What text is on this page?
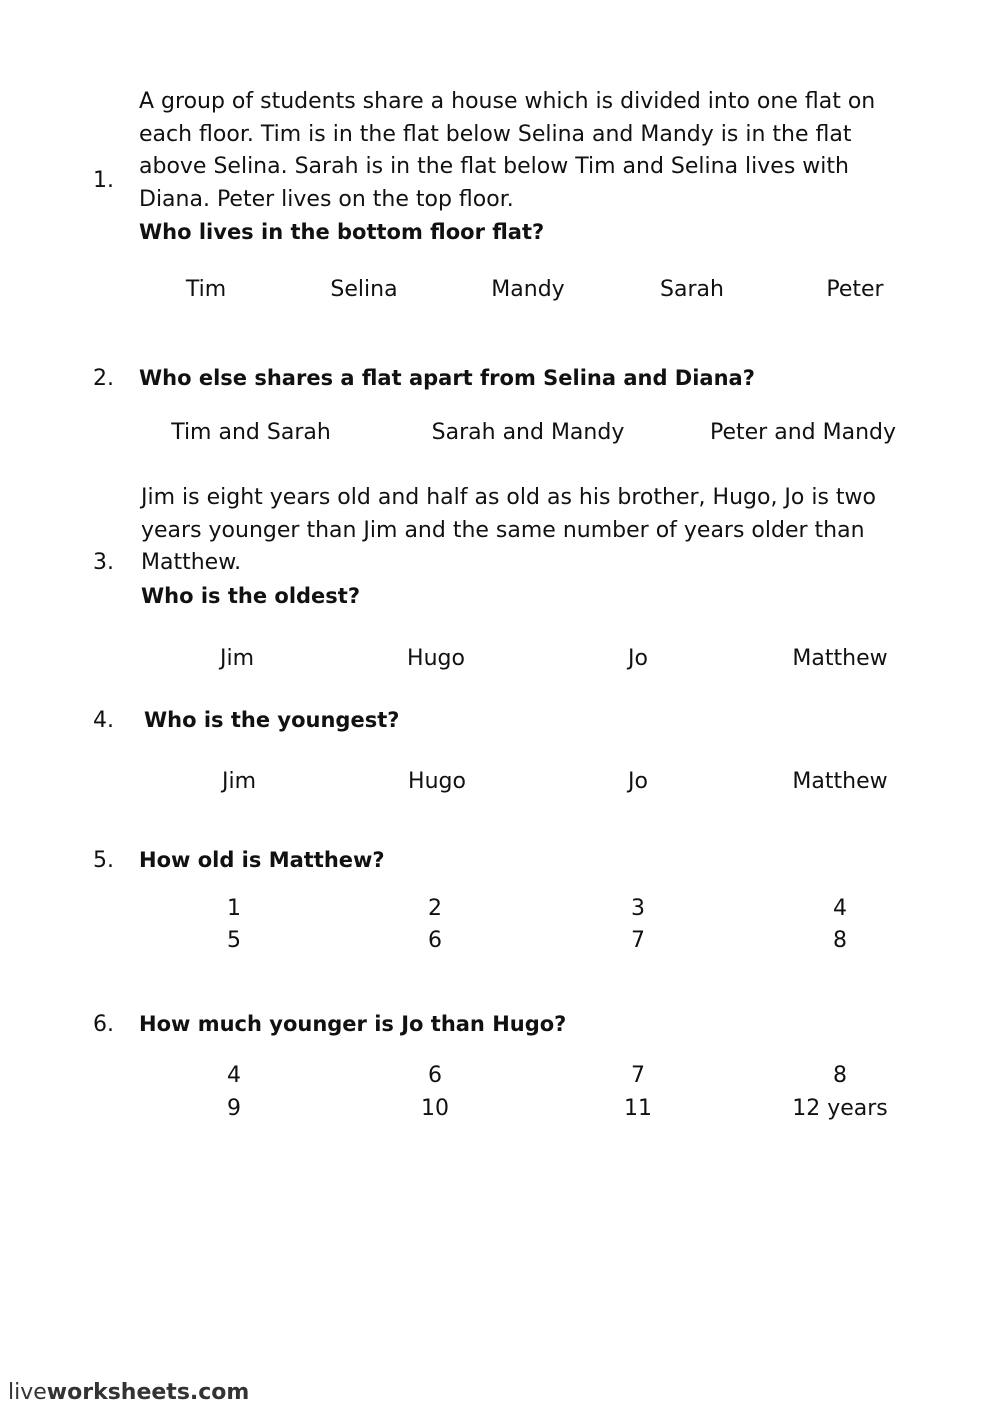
1.
A group of students share a house which is divided into one flat on
each floor. Tim is in the flat below Selina and Mandy is in the flat
above Selina. Sarah is in the flat below Tim and Selina lives with
Diana. Peter lives on the top floor.
Who lives in the bottom floor flat?
Tim	Selina	Mandy	Sarah	Peter
2. Who else shares a flat apart from Selina and Diana?
Tim and Sarah	Sarah and Mandy	Peter and Mandy
3.
Jim is eight years old and half as old as his brother, Hugo, Jo is two
years younger than Jim and the same number of years older than
Matthew.
Who is the oldest?
Jim	Hugo	Jo	Matthew
4. Who is the youngest?
Jim	Hugo	Jo	Matthew
5. How old is Matthew?
1	2	3	4
5	6	7	8
6. How much younger is Jo than Hugo?
4	6	7	8
9	10	11	12 years
liveworksheets.com
